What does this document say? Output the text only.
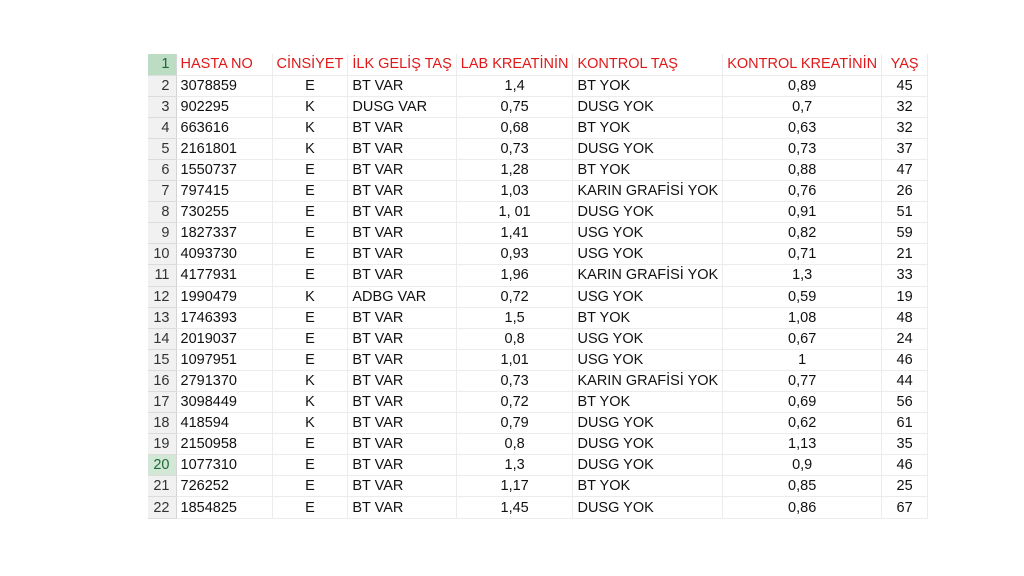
1	HASTA NO	CİNSİYET	İLK GELİŞ TAŞ	LAB KREATİNİN	KONTROL TAŞ	KONTROL KREATİNİN	YAŞ
2	3078859	E	BT VAR	1,4	BT YOK	0,89	45
3	902295	K	DUSG VAR	0,75	DUSG YOK	0,7	32
4	663616	K	BT VAR	0,68	BT YOK	0,63	32
5	2161801	K	BT VAR	0,73	DUSG YOK	0,73	37
6	1550737	E	BT VAR	1,28	BT YOK	0,88	47
7	797415	E	BT VAR	1,03	KARIN GRAFİSİ YOK	0,76	26
8	730255	E	BT VAR	1, 01	DUSG YOK	0,91	51
9	1827337	E	BT VAR	1,41	USG YOK	0,82	59
10	4093730	E	BT VAR	0,93	USG YOK	0,71	21
11	4177931	E	BT VAR	1,96	KARIN GRAFİSİ YOK	1,3	33
12	1990479	K	ADBG VAR	0,72	USG YOK	0,59	19
13	1746393	E	BT VAR	1,5	BT YOK	1,08	48
14	2019037	E	BT VAR	0,8	USG YOK	0,67	24
15	1097951	E	BT VAR	1,01	USG YOK	1	46
16	2791370	K	BT VAR	0,73	KARIN GRAFİSİ YOK	0,77	44
17	3098449	K	BT VAR	0,72	BT YOK	0,69	56
18	418594	K	BT VAR	0,79	DUSG YOK	0,62	61
19	2150958	E	BT VAR	0,8	DUSG YOK	1,13	35
20	1077310	E	BT VAR	1,3	DUSG YOK	0,9	46
21	726252	E	BT VAR	1,17	BT YOK	0,85	25
22	1854825	E	BT VAR	1,45	DUSG YOK	0,86	67
